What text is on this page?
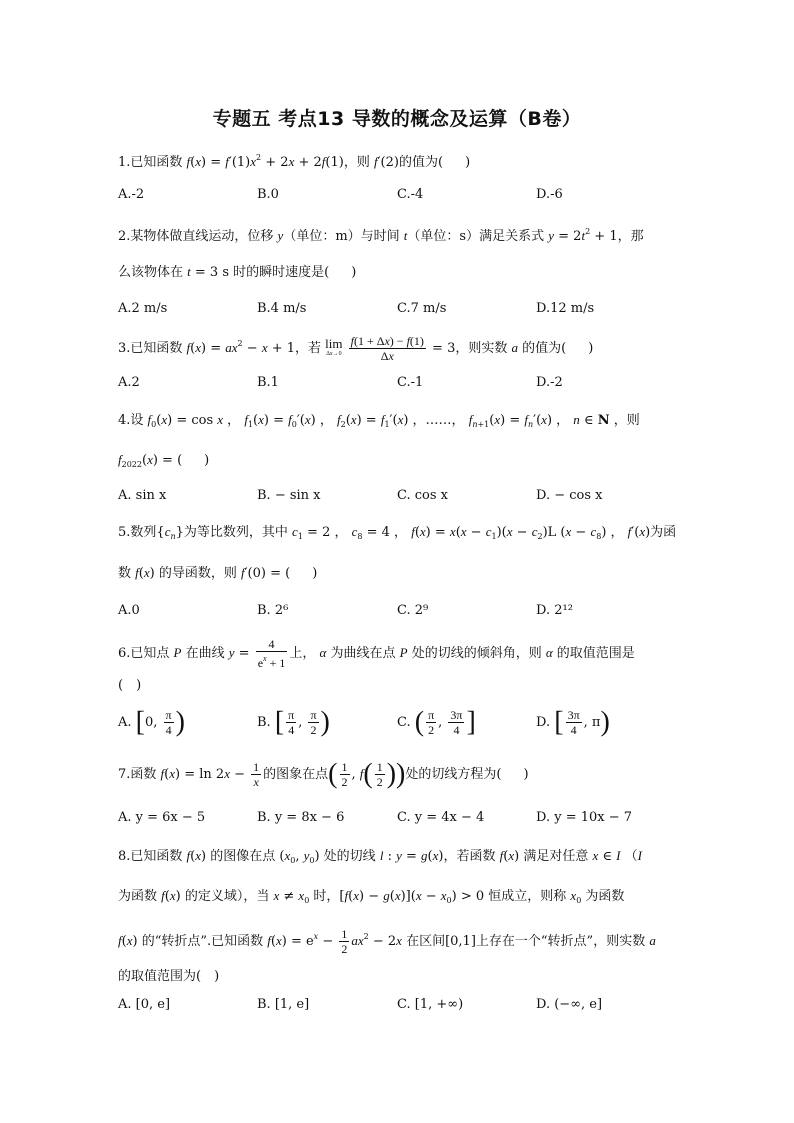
专题五 考点13 导数的概念及运算（B卷）
1.已知函数 $f(x) = f'(1)x^2 + 2x + 2f(1)$，则 f′(2)的值为( )
A.-2	B.0	C.-4	D.-6
2.某物体做直线运动，位移 y（单位：m）与时间 t（单位：s）满足关系式 $y = 2t^2 + 1$，那
么该物体在 t = 3 s 时的瞬时速度是( )
A.2 m/s	B.4 m/s	C.7 m/s	D.12 m/s
3.已知函数 $f(x) = ax^2 - x + 1$，若 lim
Δx→0
$\frac{f(1 + \Delta x) - f(1)}{\Delta x} = 3$，则实数 a 的值为( )
A.2	B.1	C.-1	D.-2
4.设 $f_0(x) = \cos x$ ， $f_1(x) = f_0'(x)$ ， $f_2(x) = f_1'(x)$ ，……， $f_{n+1}(x) = f_n'(x)$ ， n ∈ N ，则
$f_{2022}(x)$ = ( )
A. sin x	B. − sin x	C. cos x	D. − cos x
5.数列$\{c_n\}$为等比数列，其中 $c_1 = 2$ ， $c_8 = 4$ ， $f(x) = x(x - c_1)(x - c_2)L$ $(x - c_8)$ ， f′(x)为函
数 f(x) 的导函数，则 f′(0) = ( )
A.0	B. 2⁶	C. 2⁹	D. 2¹²
6.已知点 P 在曲线 $y = \frac{4}{e^x + 1}$ 上， α 为曲线在点 P 处的切线的倾斜角，则 α 的取值范围是
(　)
A. [0, $\frac{\pi}{4}$ )	B. [ $\frac{\pi}{4}$ , $\frac{\pi}{2}$ )	C. ( $\frac{\pi}{2}$ , $\frac{3\pi}{4}$ ]	D. [ $\frac{3\pi}{4}$ , π)
7.函数 $f(x) = \ln 2x - \frac{1}{x}$ 的图象在点( $\frac{1}{2}$ , $f( \frac{1}{2}$ ))处的切线方程为( )
A. y = 6x − 5	B. y = 8x − 6	C. y = 4x − 4	D. y = 10x − 7
8.已知函数 f(x) 的图像在点 ($x_0$, $y_0$) 处的切线 l : y = g(x)，若函数 f(x) 满足对任意 x ∈ I （I
为函数 f(x) 的定义域），当 $x \ne x_0$ 时，$[f(x) - g(x)](x - x_0) > 0$ 恒成立，则称 $x_0$ 为函数
f(x) 的“转折点”.已知函数 $f(x) = e^x - \frac{1}{2} ax^2 - 2x$ 在区间[0,1]上存在一个“转折点”，则实数 a
的取值范围为(　)
A. [0, e]	B. [1, e]	C. [1, +∞)	D. (−∞, e]
